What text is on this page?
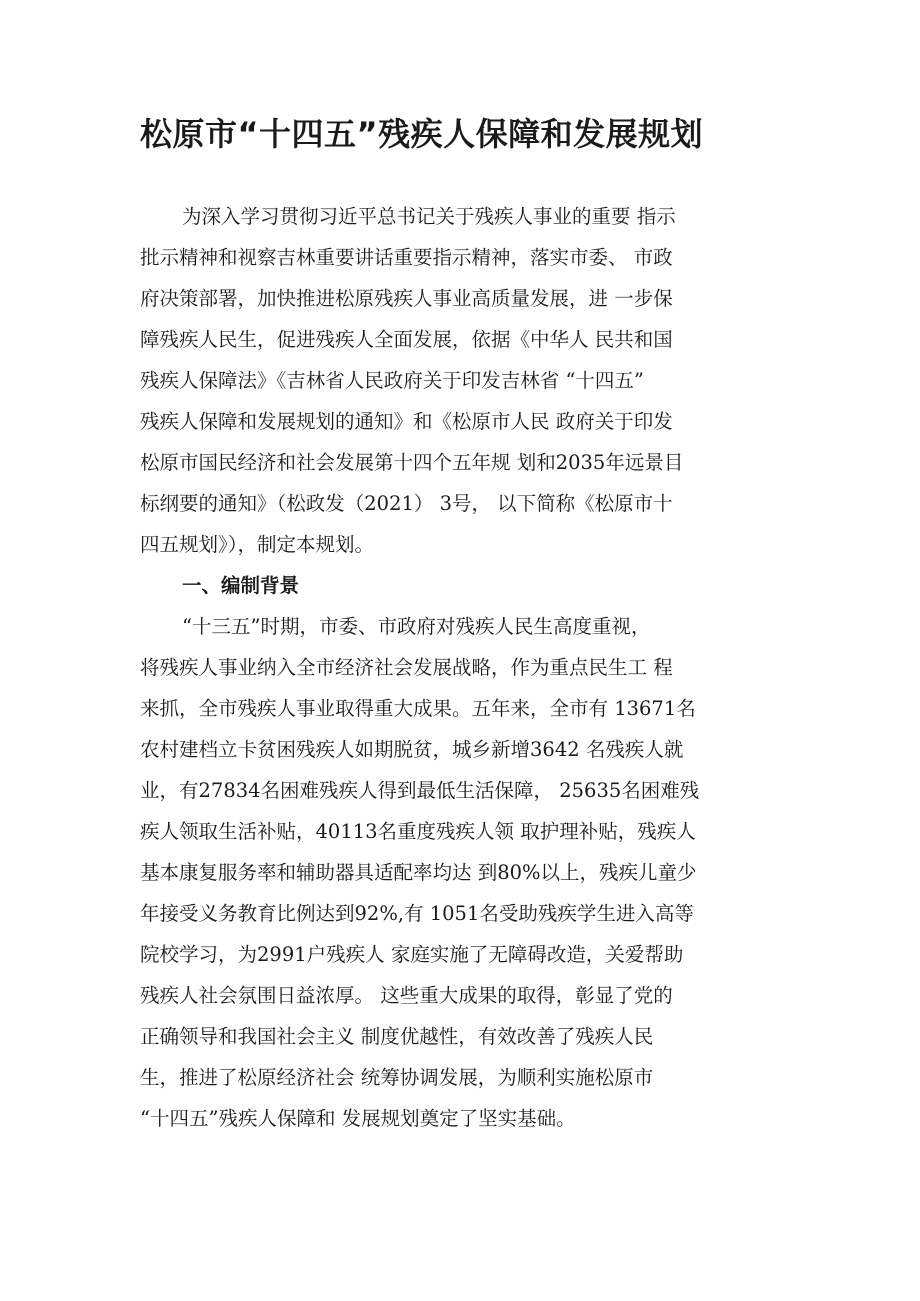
松原市“十四五”残疾人保障和发展规划
为深入学习贯彻习近平总书记关于残疾人事业的重要 指示
批示精神和视察吉林重要讲话重要指示精神，落实市委、 市政
府决策部署，加快推进松原残疾人事业高质量发展，进 一步保
障残疾人民生，促进残疾人全面发展，依据《中华人 民共和国
残疾人保障法》《吉林省人民政府关于印发吉林省 “十四五”
残疾人保障和发展规划的通知》和《松原市人民 政府关于印发
松原市国民经济和社会发展第十四个五年规 划和2035年远景目
标纲要的通知》（松政发（2021） 3号， 以下简称《松原市十
四五规划》），制定本规划。
一、编制背景
“十三五”时期，市委、市政府对残疾人民生高度重视，
将残疾人事业纳入全市经济社会发展战略，作为重点民生工 程
来抓，全市残疾人事业取得重大成果。五年来，全市有 13671名
农村建档立卡贫困残疾人如期脱贫，城乡新增3642 名残疾人就
业，有27834名困难残疾人得到最低生活保障， 25635名困难残
疾人领取生活补贴，40113名重度残疾人领 取护理补贴，残疾人
基本康复服务率和辅助器具适配率均达 到80%以上，残疾儿童少
年接受义务教育比例达到92%,有 1051名受助残疾学生进入高等
院校学习，为2991户残疾人 家庭实施了无障碍改造，关爱帮助
残疾人社会氛围日益浓厚。 这些重大成果的取得，彰显了党的
正确领导和我国社会主义 制度优越性，有效改善了残疾人民
生，推进了松原经济社会 统筹协调发展，为顺利实施松原市
“十四五”残疾人保障和 发展规划奠定了坚实基础。
